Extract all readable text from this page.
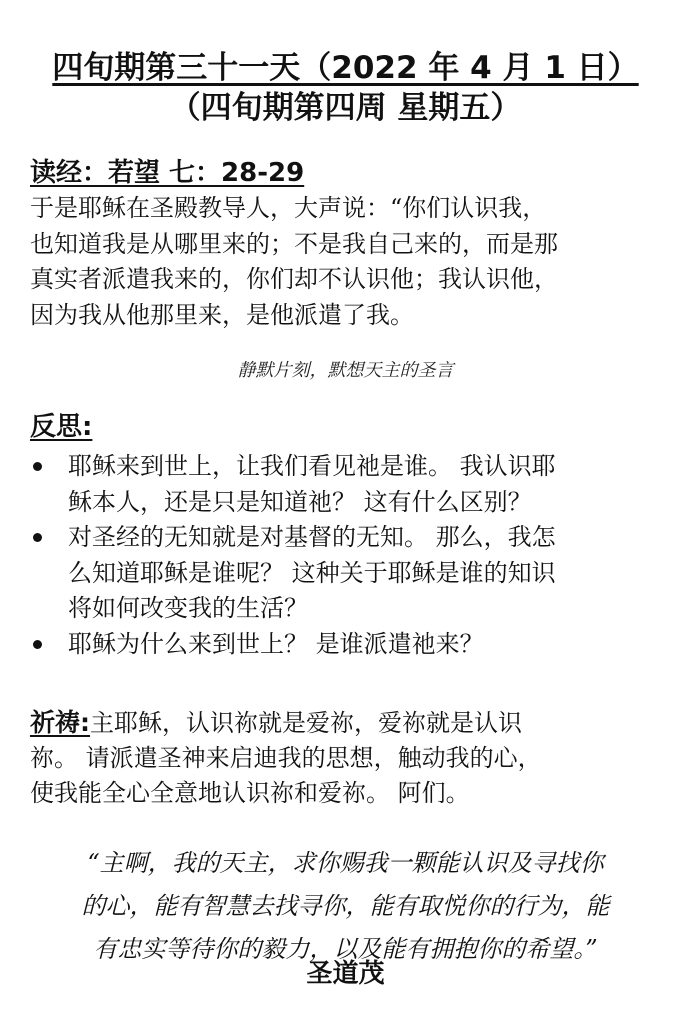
四旬期第三十一天（2022 年 4 月 1 日）
（四旬期第四周 星期五）
读经：若望 七：28-29
于是耶稣在圣殿教导人，大声说：“你们认识我，
也知道我是从哪里来的；不是我自己来的，而是那
真实者派遣我来的，你们却不认识他；我认识他，
因为我从他那里来，是他派遣了我。
静默片刻，默想天主的圣言
反思:
耶稣来到世上，让我们看见祂是谁。 我认识耶
稣本人，还是只是知道祂？ 这有什么区别？
对圣经的无知就是对基督的无知。 那么，我怎
么知道耶稣是谁呢？ 这种关于耶稣是谁的知识
将如何改变我的生活？
耶稣为什么来到世上？ 是谁派遣祂来？
祈祷:主耶稣，认识祢就是爱祢，爱祢就是认识
祢。 请派遣圣神来启迪我的思想，触动我的心，
使我能全心全意地认识祢和爱祢。 阿们。
“主啊，我的天主，求你赐我一颗能认识及寻找你
的心，能有智慧去找寻你，能有取悦你的行为，能
有忠实等待你的毅力，以及能有拥抱你的希望。”
圣道茂
